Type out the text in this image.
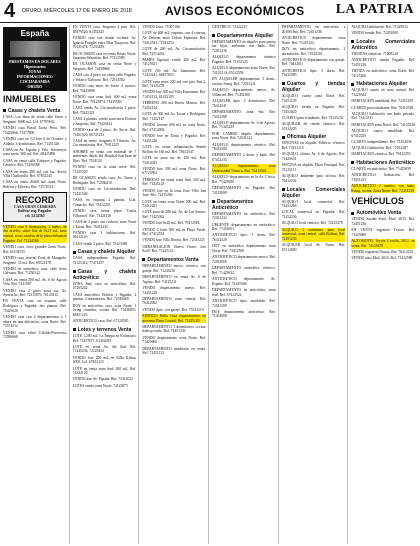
4 ORURO, MIÉRCOLES 17 DE ENERO DE 2018	AVISOS ECONÓMICOS LA PATRIA
España
PRESTAMOS EN DOLARES
Hipotecarios
JOYAS
INFORMACIONES:
COCHABAMBA
ORURO
INMUEBLES
Casas y chalets Venta

CASA, con línea de venta calle Sucre y Sargento. 6000 m2. Cel. 67785642

VENDO casa Brasil Tacna Petot. Ref. 75425666, 71477800

VENDO casa en 1/2 lote 6 de Octubre y Aldana, 3 dormitorios. Ref. 71451526

CASA en Av. España y Vela, Sotomayor zona norte. 300 m2. Ref. 68425896

CASA en venta calle Vásquez y Pagador. Céntrico. Ref. 71256588

CASA en venta 200 m2 con luz. Sector Villa Challacollo. Ref. 67852145

CASA en venta 20x60 m2, zona Norte. Bolívar y Ejército. Ref. 73574512

RECORD
CASA GRAN CERRADA
Bolívar esq. Pagador
cel. 5214365

VENDO casa 8 dormitorios, 2 baños, de dos niveles, sobre lote de 9x21 m2, zona central, a tres cuadras de la plaza Sebastián Pagador. Cel. 71234568

VENDO casa, lotes grandes Zona Norte. Ref. 61532555

VENDO casa, terreno Zona de Mungado, Sargento, 35 m2. Ref. 69521478

VENDO en anticrético casa, calle Soria Galvarro. Ref. 71250142

CASA en venta 200 m2, Av. 6 de Agosto Vela. Ref. 7421587

VENDO casa 2 pisos zona sur, Av. Ayacucho. Ref. 72315879, 76125412

EN VENTA casa en esquina calle Rodríguez y Pagador, dos plantas. Ref. 75425620

VENDO casa con 2 departamentos y 1 altura en una ubicación, zona Norte. Ref. 73574512

VENDO casa sobre Cabildo/Ferreteria. 72596668

EN VENTA casa. Sargento 4 piso. Ref. 68579520, 61452325

VENDO casa con tienda cochera. Av. Ignacio Pringles entre Mon Tinajeros. Ref. 70125478, 71233459

DE OCASION casa en venta Barrio Norte, Sargento Sebastián. Ref. 77412589

DE OCASION casa en venta Norte y Sargento, Ref. 72458866

CASA con 4 pisos en venta calle Pagador y Velasco Galvarro. Ref. 72514582

VENDO casa antes de Sucre 4 cuartos. Ref. 70425896

VENDO casa zona Sud. 600 m2 venta Norte. Ref. 70125874, 71235569

CASA vendo Av. Circunvalación 2 pisos. Ref. 70245321

CASA 2 plantas, vendo zona norte Bolivar y Sargento. Ref. 75423612

VENDO casa de 2 pisos. Av. Sucre. Ref. 72461020, 60745123

CASA en venta. Sargento 8 Tiburcio. Av. Circunvalación. Ref. 79411225

AHORRE en venta con material de 7 ambientes detrás del Hospital San Juan de Dios. Ref. 7554124

VENDO casa en la zona norte. Ref. 71425520

DE OCASION vendo casa. Av. Tacna y Rodriguez. Ref. 72536410

VENDO casa en Circunvalación. Ref. 71421540

CASA en esquina 2 plantas, Gral. Camacho. Ref. 73412255

VENDO casa frente plaza 'Carlos Villarroel'. Ref. 73421110

CASA de 2 pisos con cochera, zona Norte y Tacna. Ref. 76412232

VENDO casa 3 habitaciones. Ref. 69412145

CASA vendo 2 pisos. Ref. 75423369

Casas y chalets Alquiler

CASA independiente Pagador. Ref. 72125412, 77471257

Casas y chalets Anticrético

ZONA Sud, casa en anticrético. Ref. 67265242

CASA anticrético Bolívar y Pagador, 2 plantas, 4 dormitorios. Ref. 72545660

DOY en anticrético casa, zona Norte. 1 living comedor, cocina. Ref. 71456855, 68451223

ANTICRETICO casa. Ref. 67124520

Lotes y terrenos Venta

LOTE 1,200 m2, La Pampa en Kollasuyo. Ref. 71457871, 61452025

LOTE en venta Av. del Sud. Ref. 71245236, 72125452

VENDO lote 200 m2 en Killa Kilasa, 6000, Cel. 67452123

LOTE en venta zona Sud, 200 m2. Ref. 74524120

VENDO lote Av. España. Ref. 75412012

LOTES vendo zona Norte. 74125875

VENDO lotes. 71007166

LOTE de 600 m2, esquina, con 4 cuartos, Av. Dehene, entre Cidoro Espinoza. Ref. 73412521, 72541254

LOTE de 200 m2, Av. Circunvalación. Ref. 72514452

PAMPA Tapacari vende 200 m2. Ref. 74125631

LOTE 250 m2. Av. Zamorano. Ref. 71425241, 68457855

LOTE zona norte 200 m2 con piso Km 2. Ref. 74125478

VENDO lote 300 m2 Villa Esperanza. Ref. 71452152, 61452105

TERRENO 200 m2 Barrio Minero. Ref. 72452124

LOTE de 300 m2 Av. Tacna y Rodriguez. Ref. 71452147

VENDO terreno 600 m2 en zona Norte. Ref. 67412002

VENDO lote en Tacna y Pagador. Ref. 72451220

LOTE en venta urbanización Simón Bolívar de 160 m2. Ref. 78412547

LOTE en zona sur de 200 m2. Ref. 75412023

VENDO lote 300 m2 zona Norte. Ref. 67124502

TERRENO en venta zona Sud, 250 m2. Ref. 71245123

VENDO lote en la zona Este Villa San José. Ref. 72415260

LOTE en venta zona Norte 200 m2. Ref. 73412201

LOTE zona de 200 m2. Av. de Los Santos. Ref. 71425362

VENDO lote 8x20 m2. Ref. 79412563

VENDO 2 lotes 300 m2 en Playa Verde. Ref. 67412554

VENDO lote Villa Dorina. Ref. 72541225

URBANIZACION Nueva Oruro, lote 8x20. Ref. 71245122

Departamentos Venta

DEPARTAMENTO nuevo, céntrico, con garaje. Ref. 71245210

DEPARTAMENTO en venta Av. 6 de Agosto. Ref. 74125211

VENDO departamento nuevo. Ref. 72451210

DEPARTAMENTO zona central. Ref. 76412002

VENDO dpto. con garaje. Ref. 73541210

EDIFICIO Bella Vista departamentos en preventa Plaza Central. Ref. 71455120

DEPARTAMENTO, 3 dormitorios, cocina, baño privado. Ref. 72451236

VENDO departamento zona Norte. Ref. 71425600

DEPARTAMENTO amoblado en venta. Ref. 72451112

CENTRICO. 72322255

Departamentos Alquiler

DEPARTAMENTO en alquiler para pareja sin hijos, ambiente con baño. Ref. 72451236

ALQUILO departamento céntrico Pagador. Ref. 71452125

ALQUILO departamento zona Norte. Ref. 74125214, 67412558

EN ALQUILER departamento 3 dorm., cocina, living. Ref. 72541211

ALQUILO departamento nuevo, Av. Villarroel. Ref. 71452100

ALQUILER dpto. 2 dormitorios. Ref. 76412541

DEPARTAMENTO zona Sur. Ref. 73412588

ALQUILO departamento Av. 6 de Agosto. Ref. 71425223

POR CAMBIO alquilo departamento, zona Norte. Ref. 72541122

ALQUILO departamento céntrico. Ref. 79412500

DEPARTAMENTO 2 dorm. y baño. Ref. 67412233

ALQUILO departamento, zona Universidad Técnica. Ref. 72415563

ALQUILO departamento en la Av. Cívica. Ref. 71425000

DEPARTAMENTO en Pagador. Ref. 74125699

Departamentos Anticrético

DEPARTAMENTO en anticrético. Ref. 72451232

URGENTE departamento en anticrético. Ref. 71452001

ANTICRETICO dpto. 3 dorm. Ref. 76412520

DOY en anticrético departamento zona Norte. Ref. 73412569

ANTICRETICO departamento nuevo. Ref. 72451000

DEPARTAMENTO anticrético céntrico. Ref. 71425632

ANTICRETICO departamento Av. España. Ref. 74125566

DEPARTAMENTO en anticrético, zona Sud. Ref. 67412522

ANTICRETICO dpto. amoblado. Ref. 72541299

DOY departamento anticrético. Ref. 71452698

DEPARTAMENTO en anticrético a 20,000 $us. Ref. 72451236

ANTICRETICO departamento zona Norte. Ref. 71425122

DOY en anticrético departamento, 2 dormitorios. Ref. 74125201

ANTICRETICO departamento con garaje. Ref. 76412011

ANTICRETICO dpto. 3 dorm. Ref. 73412589

Cuartos y tiendas Alquiler

ALQUILO cuarto zona Norte. Ref. 72451239

ALQUILO tienda en Pagador. Ref. 71452020

CUARTO para estudiante. Ref. 74125232

ALQUILER de tienda céntrica. Ref. 67412205

Oficinas Alquiler

OFICINAS en alquiler, Edificio céntrico. Ref. 72451210

ALQUILO oficina Av. 6 de Agosto. Ref. 71425631

OFICINA en alquiler Plaza Principal. Ref. 74125111

ALQUILO ambiente para oficina. Ref. 76412202

Locales Comerciales Alquiler

ALQUILO local comercial. Ref. 72451269

LOCAL comercial en Pagador. Ref. 71452236

ALQUILO local céntrico. Ref. 74125478

ALQUILO 2 ambientes para local comercial, zona central, calle Bolívar. Ref. 72451233

ALQUILER local Av. Tacna. Ref. 67412000

ALQUILO habitación. Ref. 71425632

VENDO tienda. Ref. 72451000

Locales Comerciales Anticrético

TIENDAS céntricas. 71009210

ANTICRETICO tienda Pagador. Ref. 72451236

TIENDA en anticrético, zona Norte. Ref. 74125200

Habitaciones Alquiler

ALQUILO cuarto en zona central. Ref. 71425544

HABITACION amoblada. Ref. 72451259

CUARTO para estudiante. Ref. 76412558

ALQUILO habitación con baño privado. Ref. 73412111

HABITACION zona Norte. Ref. 74125236

ALQUILO cuarto amoblado. Ref. 67412255

CUARTO independiente. Ref. 71452036

ALQUILO habitación. Ref. 72541287

HABITACION céntrica. Ref. 79412255

Habitaciones Anticrético

CUARTO en anticrético. Ref. 71425639

ANTICRETICO habitación. Ref. 72451233

ANTICRETICO 2 cuartos, con baño, living, cocina. Zona Norte. Ref. 72451236

VEHÍCULOS
Automóviles Venta

VENDO Suzuki Swift Mod. 2015. Ref. 72451236

EN VENTA vagoneta Toyota. Ref. 71425600

AUTOMOVIL Toyota Corolla, 2012, en venta. Ref. 74125478

VENDO vagoneta Nissan. Ref. 76412233

VENDO auto Mod. 2014. Ref. 73412588
